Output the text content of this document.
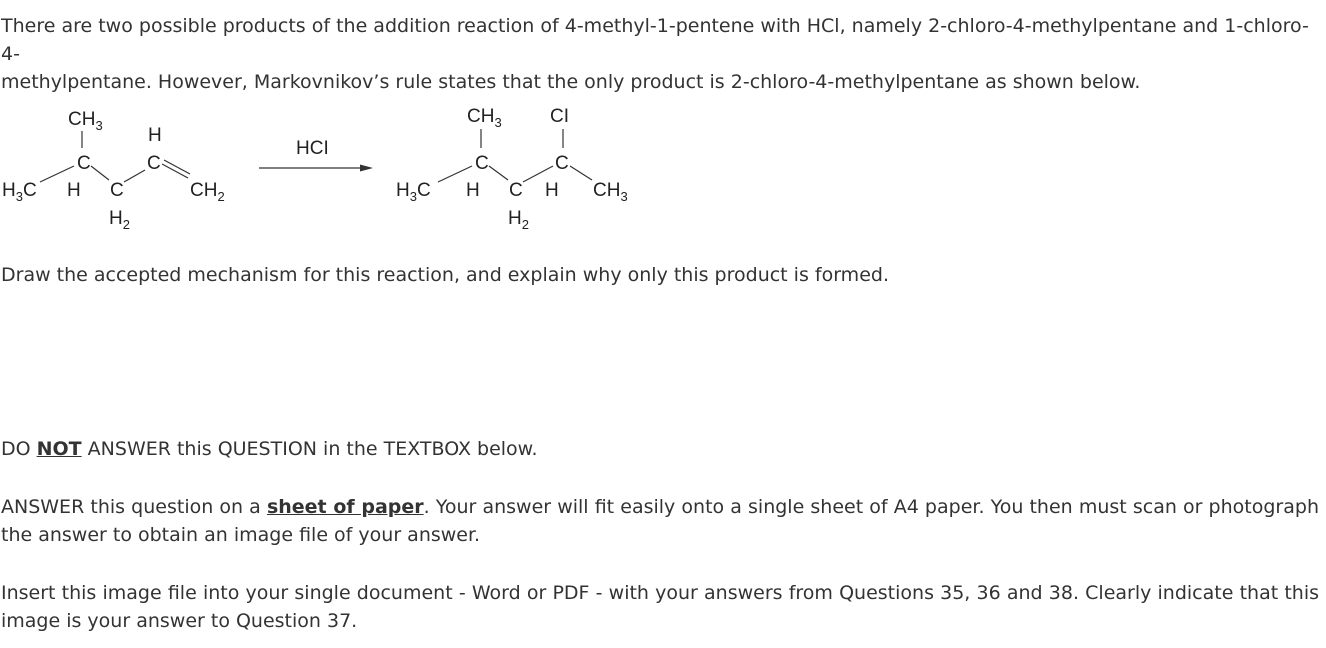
There are two possible products of the addition reaction of 4-methyl-1-pentene with HCl, namely 2-chloro-4-methylpentane and 1-chloro-4-
methylpentane. However, Markovnikov’s rule states that the only product is 2-chloro-4-methylpentane as shown below.

$CH_3$
C
$H_3C$ H C
$H_2$
H
C
$CH_2$
HCI
$CH_3$	CI
C
$H_3C$ H C
$H_2$
C
H $CH_3$

Draw the accepted mechanism for this reaction, and explain why only this product is formed.

DO NOT ANSWER this QUESTION in the TEXTBOX below.

ANSWER this question on a sheet of paper. Your answer will fit easily onto a single sheet of A4 paper. You then must scan or photograph the answer to obtain an image file of your answer.

Insert this image file into your single document - Word or PDF - with your answers from Questions 35, 36 and 38. Clearly indicate that this image is your answer to Question 37.
